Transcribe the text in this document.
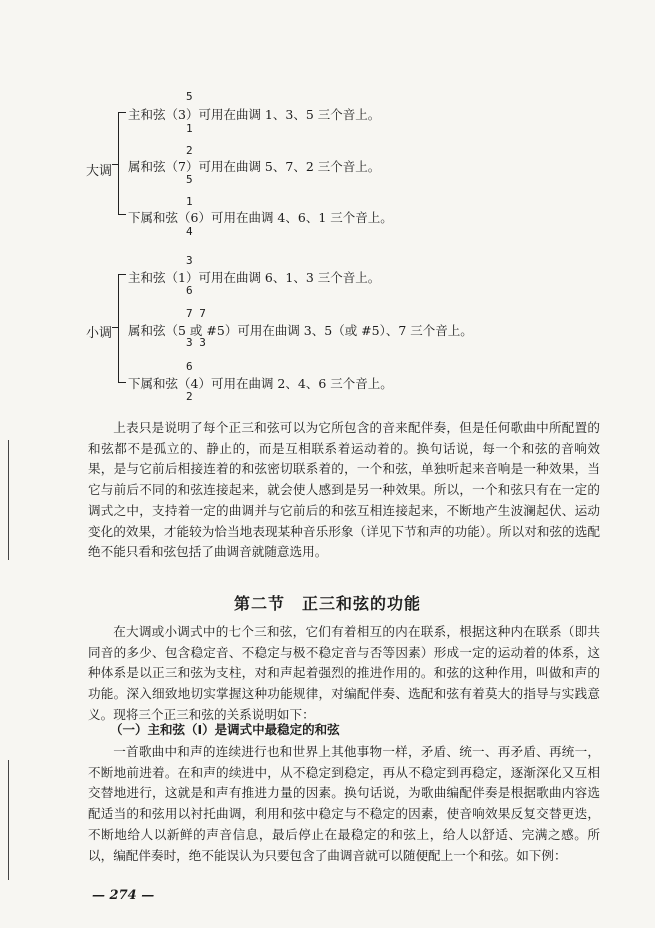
大调
5
1
主和弦（3）可用在曲调 1、3、5 三个音上。
2
5
属和弦（7）可用在曲调 5、7、2 三个音上。
1
4
下属和弦（6）可用在曲调 4、6、1 三个音上。
小调
3
6
主和弦（1）可用在曲调 6、1、3 三个音上。
7 7
3 3
属和弦（5 或 #5）可用在曲调 3、5（或 #5）、7 三个音上。
6
2
下属和弦（4）可用在曲调 2、4、6 三个音上。

上表只是说明了每个正三和弦可以为它所包含的音来配伴奏，但是任何歌曲中所配置的和弦都不是孤立的、静止的，而是互相联系着运动着的。换句话说，每一个和弦的音响效果，是与它前后相接连着的和弦密切联系着的，一个和弦，单独听起来音响是一种效果，当它与前后不同的和弦连接起来，就会使人感到是另一种效果。所以，一个和弦只有在一定的调式之中，支持着一定的曲调并与它前后的和弦互相连接起来，不断地产生波澜起伏、运动变化的效果，才能较为恰当地表现某种音乐形象（详见下节和声的功能）。所以对和弦的选配绝不能只看和弦包括了曲调音就随意选用。

第二节　正三和弦的功能

在大调或小调式中的七个三和弦，它们有着相互的内在联系，根据这种内在联系（即共同音的多少、包含稳定音、不稳定与极不稳定音与否等因素）形成一定的运动着的体系，这种体系是以正三和弦为支柱，对和声起着强烈的推进作用的。和弦的这种作用，叫做和声的功能。深入细致地切实掌握这种功能规律，对编配伴奏、选配和弦有着莫大的指导与实践意义。现将三个正三和弦的关系说明如下：

（一）主和弦（Ⅰ）是调式中最稳定的和弦

一首歌曲中和声的连续进行也和世界上其他事物一样，矛盾、统一、再矛盾、再统一，不断地前进着。在和声的续进中，从不稳定到稳定，再从不稳定到再稳定，逐渐深化又互相交替地进行，这就是和声有推进力量的因素。换句话说，为歌曲编配伴奏是根据歌曲内容选配适当的和弦用以衬托曲调，利用和弦中稳定与不稳定的因素，使音响效果反复交替更迭，不断地给人以新鲜的声音信息，最后停止在最稳定的和弦上，给人以舒适、完满之感。所以，编配伴奏时，绝不能误认为只要包含了曲调音就可以随便配上一个和弦。如下例：

— 274 —
